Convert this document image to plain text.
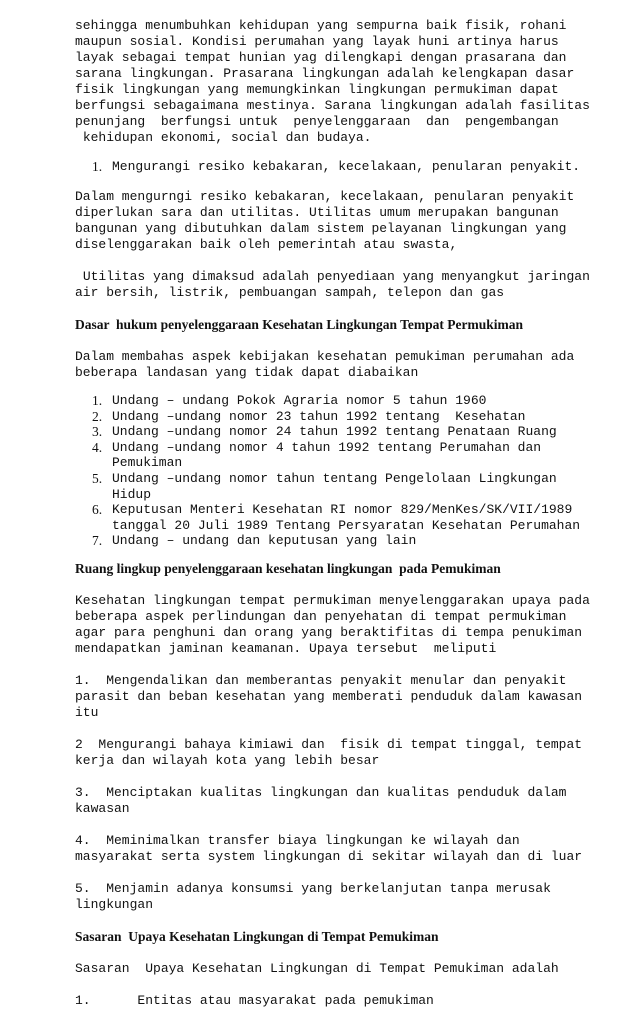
sehingga menumbuhkan kehidupan yang sempurna baik fisik, rohani

maupun sosial. Kondisi perumahan yang layak huni artinya harus

layak sebagai tempat hunian yag dilengkapi dengan prasarana dan

sarana lingkungan. Prasarana lingkungan adalah kelengkapan dasar

fisik lingkungan yang memungkinkan lingkungan permukiman dapat

berfungsi sebagaimana mestinya. Sarana lingkungan adalah fasilitas

penunjang  berfungsi untuk  penyelenggaraan  dan  pengembangan

kehidupan ekonomi, social dan budaya.

1. Mengurangi resiko kebakaran, kecelakaan, penularan penyakit.

Dalam mengurngi resiko kebakaran, kecelakaan, penularan penyakit

diperlukan sara dan utilitas. Utilitas umum merupakan bangunan

bangunan yang dibutuhkan dalam sistem pelayanan lingkungan yang

diselenggarakan baik oleh pemerintah atau swasta,

Utilitas yang dimaksud adalah penyediaan yang menyangkut jaringan

air bersih, listrik, pembuangan sampah, telepon dan gas

Dasar  hukum penyelenggaraan Kesehatan Lingkungan Tempat Permukiman

Dalam membahas aspek kebijakan kesehatan pemukiman perumahan ada

beberapa landasan yang tidak dapat diabaikan

1. Undang – undang Pokok Agraria nomor 5 tahun 1960
2. Undang –undang nomor 23 tahun 1992 tentang  Kesehatan
3. Undang –undang nomor 24 tahun 1992 tentang Penataan Ruang
4. Undang –undang nomor 4 tahun 1992 tentang Perumahan dan
Pemukiman
5. Undang –undang nomor tahun tentang Pengelolaan Lingkungan
Hidup
6. Keputusan Menteri Kesehatan RI nomor 829/MenKes/SK/VII/1989
tanggal 20 Juli 1989 Tentang Persyaratan Kesehatan Perumahan
7. Undang – undang dan keputusan yang lain

Ruang lingkup penyelenggaraan kesehatan lingkungan  pada Pemukiman

Kesehatan lingkungan tempat permukiman menyelenggarakan upaya pada

beberapa aspek perlindungan dan penyehatan di tempat permukiman

agar para penghuni dan orang yang beraktifitas di tempa penukiman

mendapatkan jaminan keamanan. Upaya tersebut  meliputi

1.  Mengendalikan dan memberantas penyakit menular dan penyakit
parasit dan beban kesehatan yang memberati penduduk dalam kawasan
itu

2  Mengurangi bahaya kimiawi dan  fisik di tempat tinggal, tempat
kerja dan wilayah kota yang lebih besar

3.  Menciptakan kualitas lingkungan dan kualitas penduduk dalam
kawasan

4.  Meminimalkan transfer biaya lingkungan ke wilayah dan
masyarakat serta system lingkungan di sekitar wilayah dan di luar

5.  Menjamin adanya konsumsi yang berkelanjutan tanpa merusak
lingkungan

Sasaran  Upaya Kesehatan Lingkungan di Tempat Pemukiman

Sasaran  Upaya Kesehatan Lingkungan di Tempat Pemukiman adalah

1.      Entitas atau masyarakat pada pemukiman
